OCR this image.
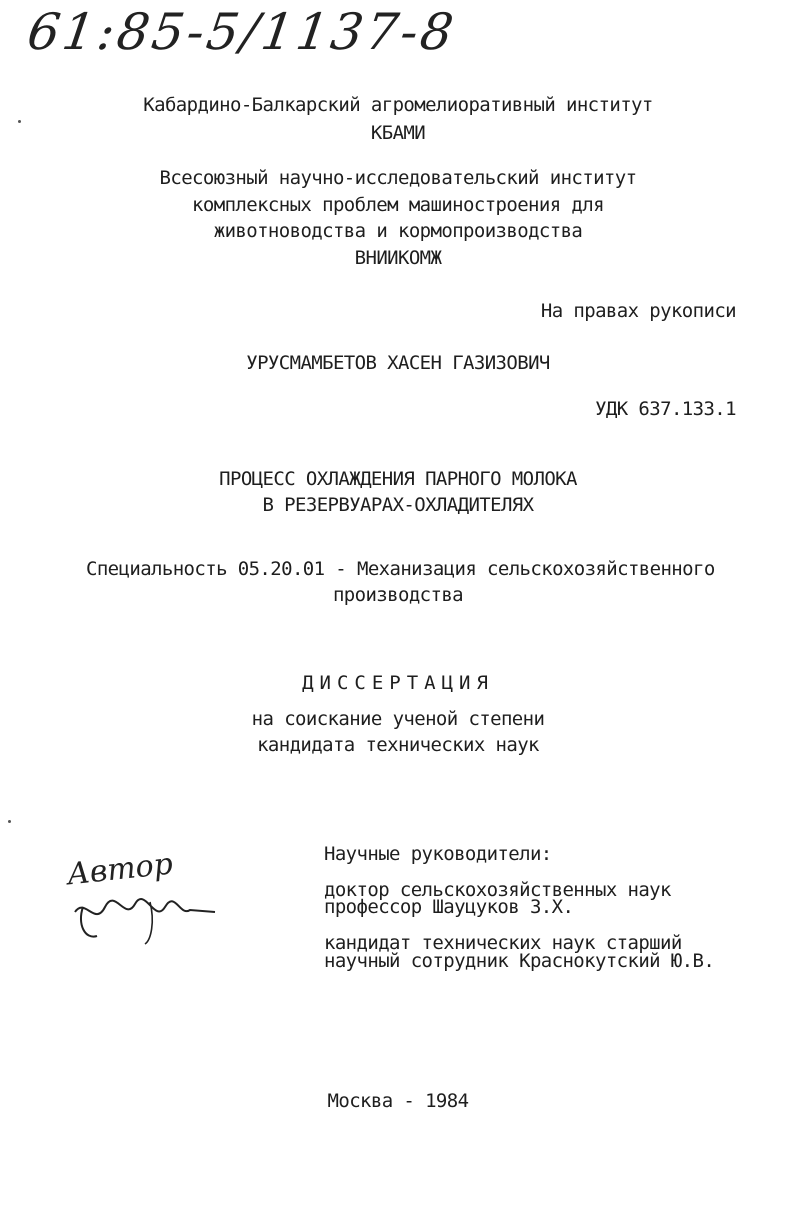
61:85-5/1137-8
Кабардино-Балкарский агромелиоративный институт
КБАМИ
Всесоюзный научно-исследовательский институт
комплексных проблем машиностроения для
животноводства и кормопроизводства
ВНИИКОМЖ
На правах рукописи
УРУСМАМБЕТОВ ХАСЕН ГАЗИЗОВИЧ
УДК 637.133.1
ПРОЦЕСС ОХЛАЖДЕНИЯ ПАРНОГО МОЛОКА
В РЕЗЕРВУАРАХ-ОХЛАДИТЕЛЯХ
Специальность 05.20.01 - Механизация сельскохозяйственного
производства
ДИССЕРТАЦИЯ
на соискание ученой степени
кандидата технических наук
Научные руководители:
доктор сельскохозяйственных наук
профессор Шауцуков З.Х.
кандидат технических наук старший
научный сотрудник Краснокутский Ю.В.
Автор
Москва - 1984
